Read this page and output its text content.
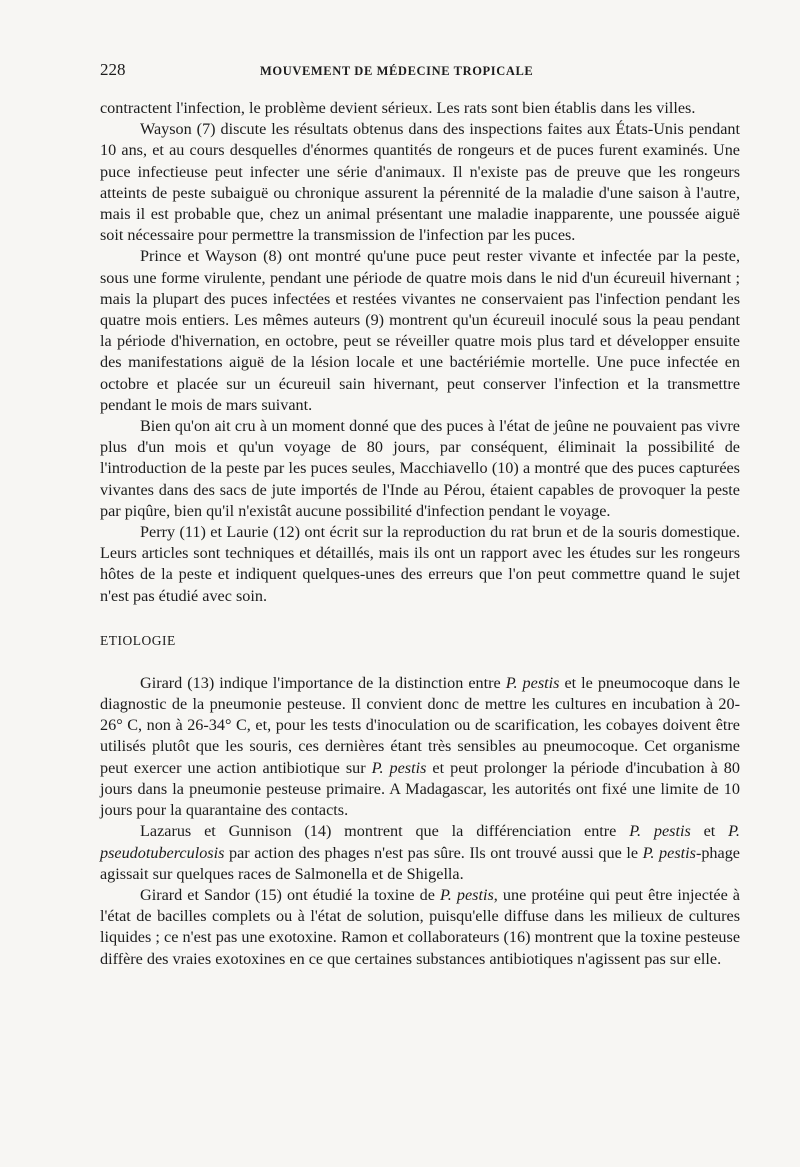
228	MOUVEMENT DE MÉDECINE TROPICALE

contractent l'infection, le problème devient sérieux. Les rats sont bien établis dans les villes.

Wayson (7) discute les résultats obtenus dans des inspections faites aux États-Unis pendant 10 ans, et au cours desquelles d'énormes quantités de rongeurs et de puces furent examinés. Une puce infectieuse peut infecter une série d'animaux. Il n'existe pas de preuve que les rongeurs atteints de peste subaiguë ou chronique assurent la pérennité de la maladie d'une saison à l'autre, mais il est probable que, chez un animal présentant une maladie inapparente, une poussée aiguë soit nécessaire pour permettre la transmission de l'infection par les puces.

Prince et Wayson (8) ont montré qu'une puce peut rester vivante et infectée par la peste, sous une forme virulente, pendant une période de quatre mois dans le nid d'un écureuil hivernant ; mais la plupart des puces infectées et restées vivantes ne conservaient pas l'infection pendant les quatre mois entiers. Les mêmes auteurs (9) montrent qu'un écureuil inoculé sous la peau pendant la période d'hivernation, en octobre, peut se réveiller quatre mois plus tard et développer ensuite des manifestations aiguë de la lésion locale et une bactériémie mortelle. Une puce infectée en octobre et placée sur un écureuil sain hivernant, peut conserver l'infection et la transmettre pendant le mois de mars suivant.

Bien qu'on ait cru à un moment donné que des puces à l'état de jeûne ne pouvaient pas vivre plus d'un mois et qu'un voyage de 80 jours, par conséquent, éliminait la possibilité de l'introduction de la peste par les puces seules, Macchiavello (10) a montré que des puces capturées vivantes dans des sacs de jute importés de l'Inde au Pérou, étaient capables de provoquer la peste par piqûre, bien qu'il n'existât aucune possibilité d'infection pendant le voyage.

Perry (11) et Laurie (12) ont écrit sur la reproduction du rat brun et de la souris domestique. Leurs articles sont techniques et détaillés, mais ils ont un rapport avec les études sur les rongeurs hôtes de la peste et indiquent quelques-unes des erreurs que l'on peut commettre quand le sujet n'est pas étudié avec soin.

ETIOLOGIE

Girard (13) indique l'importance de la distinction entre P. pestis et le pneumocoque dans le diagnostic de la pneumonie pesteuse. Il convient donc de mettre les cultures en incubation à 20-26° C, non à 26-34° C, et, pour les tests d'inoculation ou de scarification, les cobayes doivent être utilisés plutôt que les souris, ces dernières étant très sensibles au pneumocoque. Cet organisme peut exercer une action antibiotique sur P. pestis et peut prolonger la période d'incubation à 80 jours dans la pneumonie pesteuse primaire. A Madagascar, les autorités ont fixé une limite de 10 jours pour la quarantaine des contacts.

Lazarus et Gunnison (14) montrent que la différenciation entre P. pestis et P. pseudotuberculosis par action des phages n'est pas sûre. Ils ont trouvé aussi que le P. pestis-phage agissait sur quelques races de Salmonella et de Shigella.

Girard et Sandor (15) ont étudié la toxine de P. pestis, une protéine qui peut être injectée à l'état de bacilles complets ou à l'état de solution, puisqu'elle diffuse dans les milieux de cultures liquides ; ce n'est pas une exotoxine. Ramon et collaborateurs (16) montrent que la toxine pesteuse diffère des vraies exotoxines en ce que certaines substances antibiotiques n'agissent pas sur elle.
